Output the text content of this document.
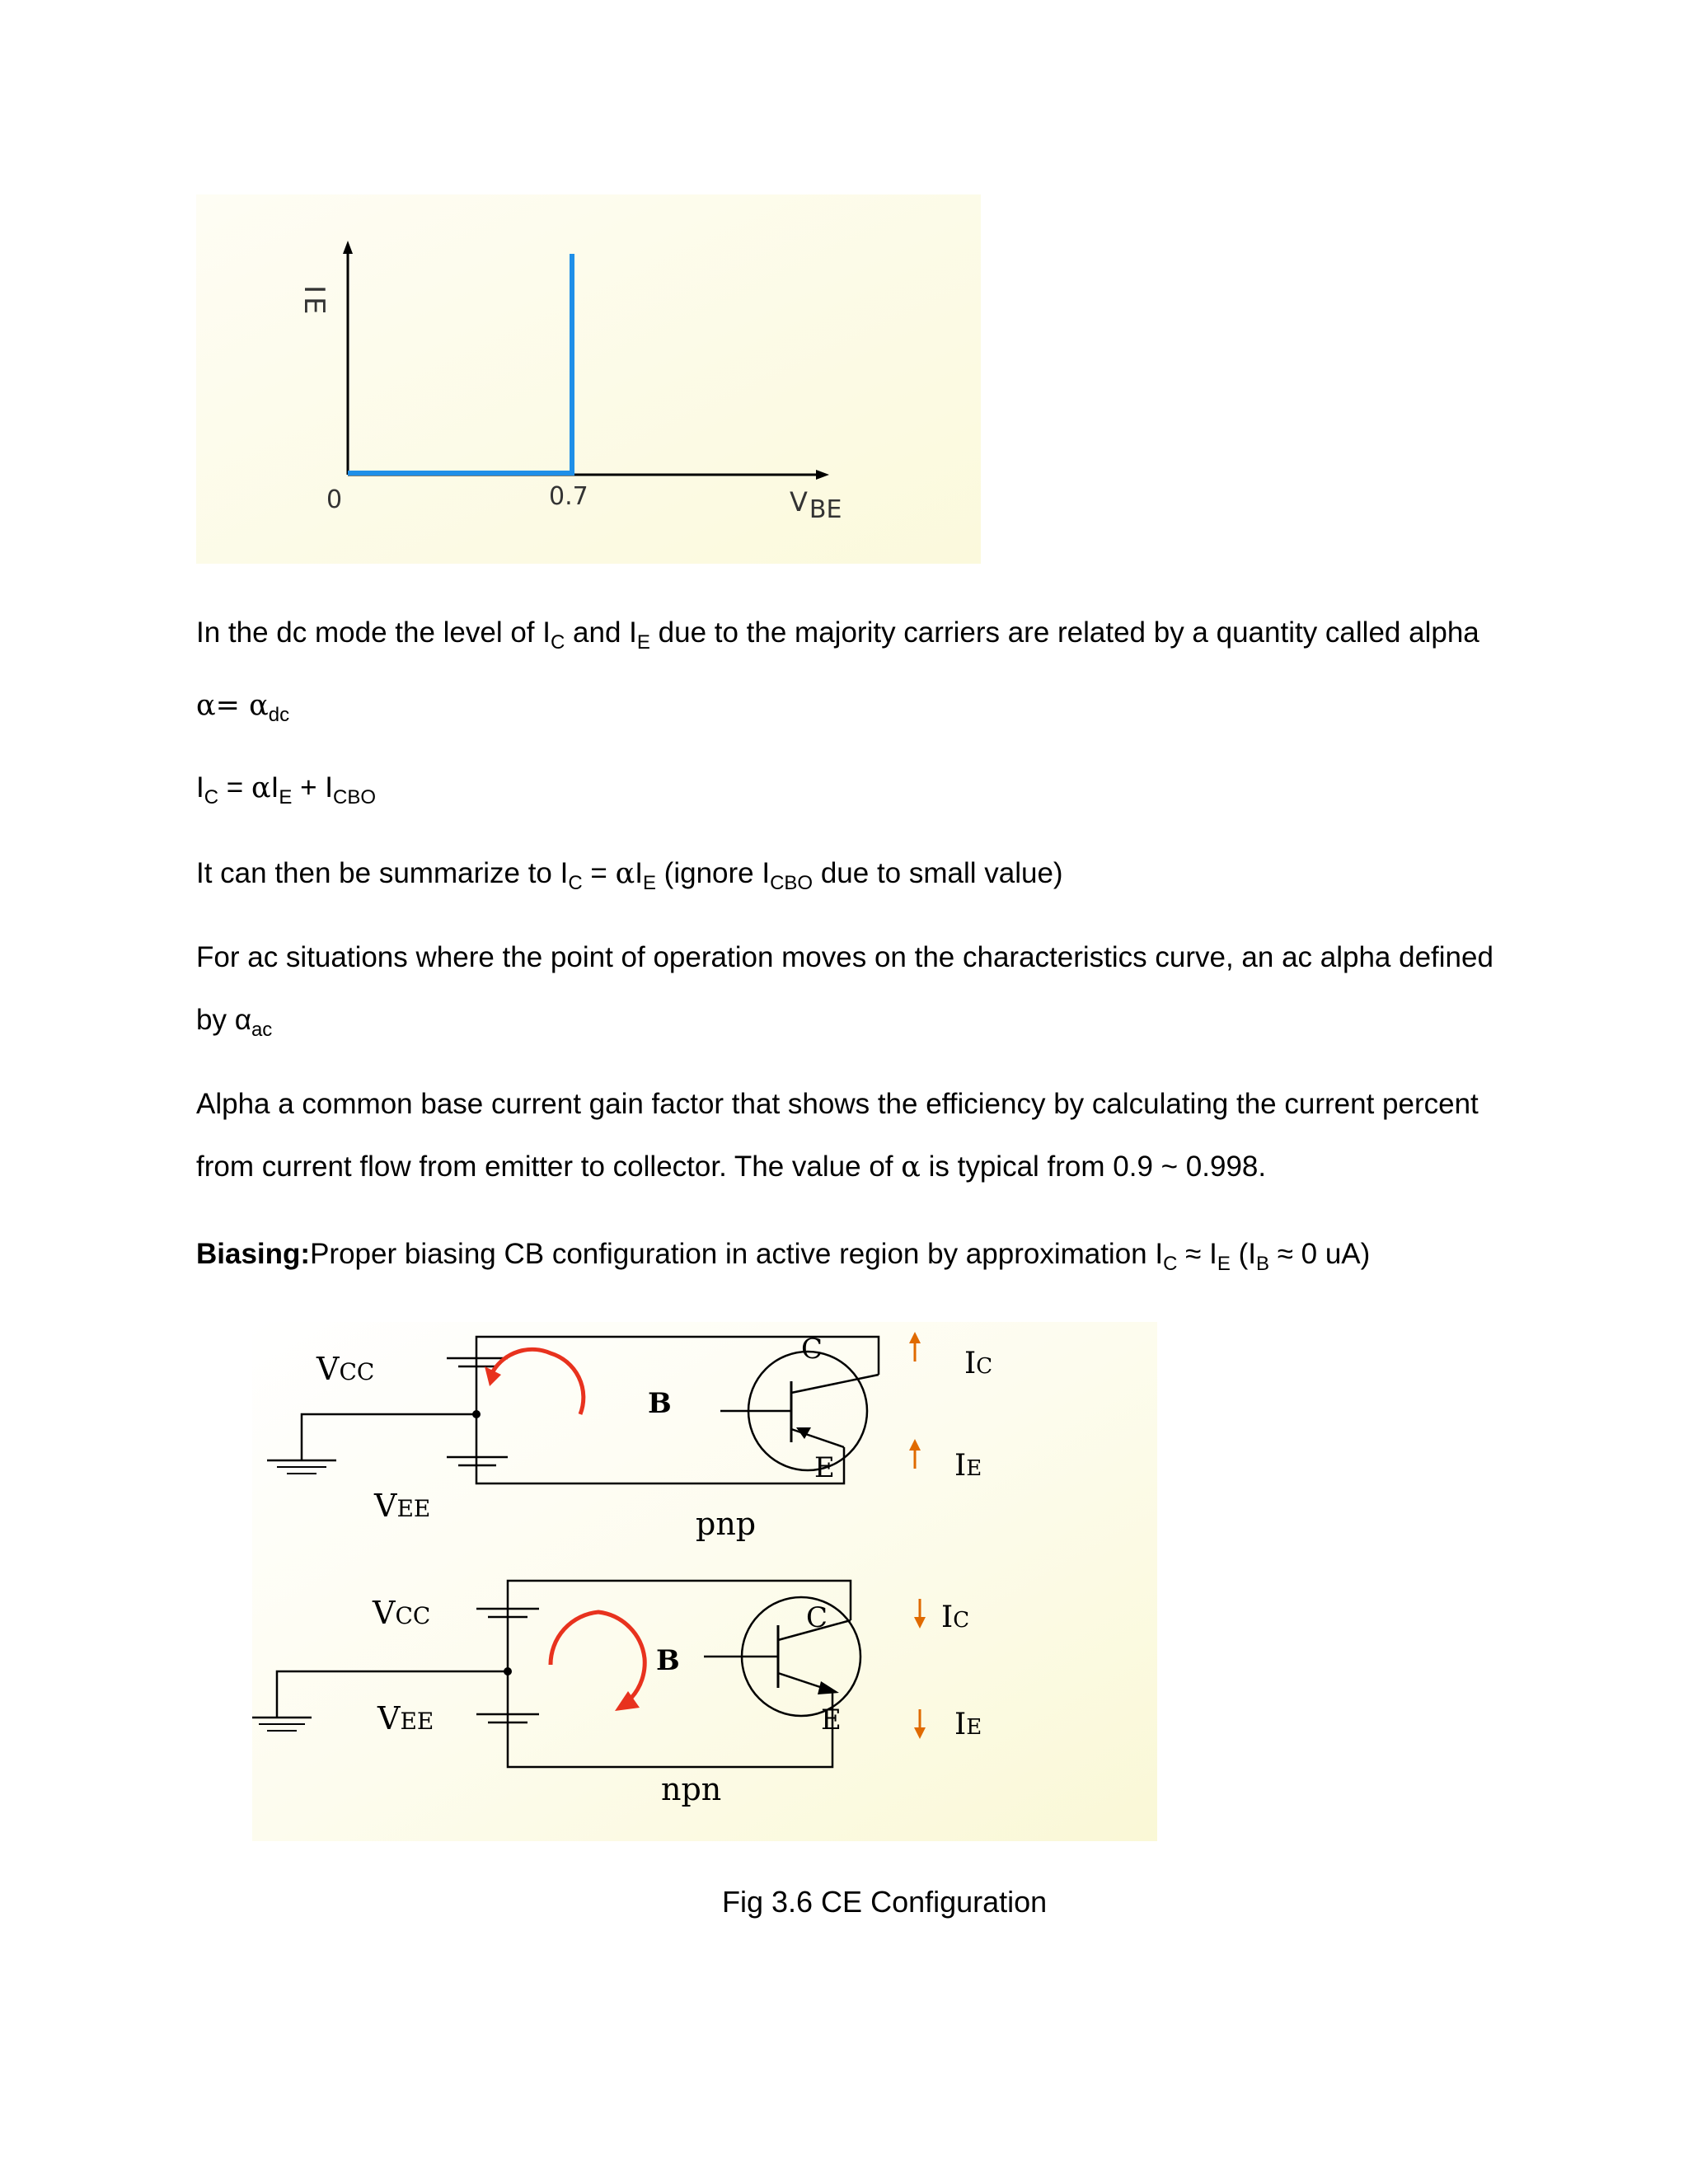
IE
0	0.7	VBE

In the dc mode the level of $I_C$ and $I_E$ due to the majority carriers are related by a quantity called alpha

$\alpha= \alpha_{dc}$

$I_C = \alpha I_E + I_{CBO}$

It can then be summarize to $I_C = \alpha I_E$ (ignore $I_{CBO}$ due to small value)

For ac situations where the point of operation moves on the characteristics curve, an ac alpha defined
by $\alpha_{ac}$

Alpha a common base current gain factor that shows the efficiency by calculating the current percent
from current flow from emitter to collector. The value of α is typical from 0.9 ~ 0.998.

Biasing:Proper biasing CB configuration in active region by approximation $I_C \approx I_E$ ($I_B \approx 0$ uA)

VCC
VEE
B
C
E
IC
IE
pnp
VCC
VEE
B
C
E
IC
IE
npn
Fig 3.6 CE Configuration
